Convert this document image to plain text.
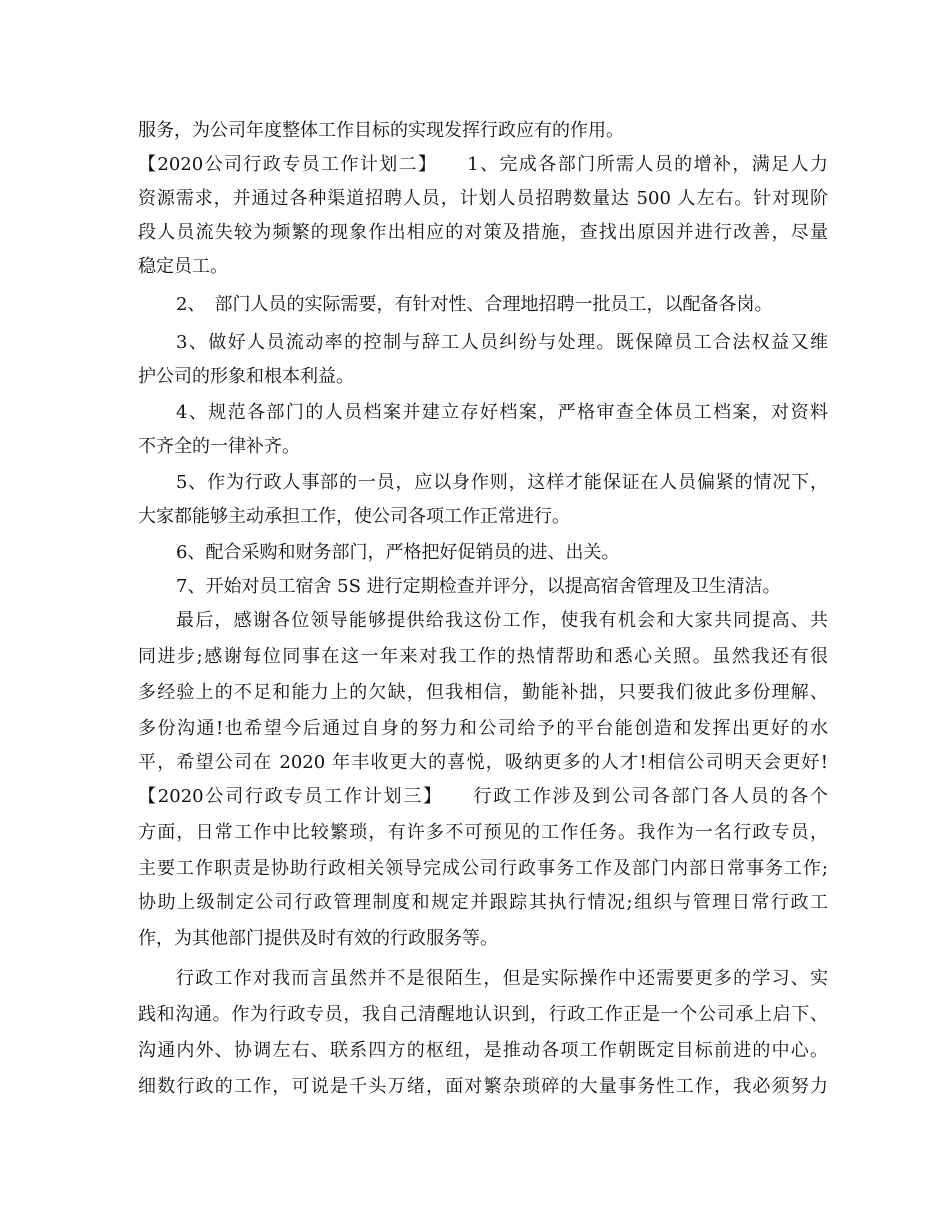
服务，为公司年度整体工作目标的实现发挥行政应有的作用。
【2020公司行政专员工作计划二】　　1、完成各部门所需人员的增补，满足人力
资源需求，并通过各种渠道招聘人员，计划人员招聘数量达 500 人左右。针对现阶
段人员流失较为频繁的现象作出相应的对策及措施，查找出原因并进行改善，尽量
稳定员工。
2、　部门人员的实际需要，有针对性、合理地招聘一批员工，以配备各岗。
3、做好人员流动率的控制与辞工人员纠纷与处理。既保障员工合法权益又维
护公司的形象和根本利益。
4、规范各部门的人员档案并建立存好档案，严格审查全体员工档案，对资料
不齐全的一律补齐。
5、作为行政人事部的一员，应以身作则，这样才能保证在人员偏紧的情况下，
大家都能够主动承担工作，使公司各项工作正常进行。
6、配合采购和财务部门，严格把好促销员的进、出关。
7、开始对员工宿舍 5S 进行定期检查并评分，以提高宿舍管理及卫生清洁。
最后，感谢各位领导能够提供给我这份工作，使我有机会和大家共同提高、共
同进步;感谢每位同事在这一年来对我工作的热情帮助和悉心关照。虽然我还有很
多经验上的不足和能力上的欠缺，但我相信，勤能补拙，只要我们彼此多份理解、
多份沟通!也希望今后通过自身的努力和公司给予的平台能创造和发挥出更好的水
平，希望公司在 2020 年丰收更大的喜悦，吸纳更多的人才!相信公司明天会更好!
【2020公司行政专员工作计划三】　　行政工作涉及到公司各部门各人员的各个
方面，日常工作中比较繁琐，有许多不可预见的工作任务。我作为一名行政专员，
主要工作职责是协助行政相关领导完成公司行政事务工作及部门内部日常事务工作;
协助上级制定公司行政管理制度和规定并跟踪其执行情况;组织与管理日常行政工
作，为其他部门提供及时有效的行政服务等。
行政工作对我而言虽然并不是很陌生，但是实际操作中还需要更多的学习、实
践和沟通。作为行政专员，我自己清醒地认识到，行政工作正是一个公司承上启下、
沟通内外、协调左右、联系四方的枢纽，是推动各项工作朝既定目标前进的中心。
细数行政的工作，可说是千头万绪，面对繁杂琐碎的大量事务性工作，我必须努力
